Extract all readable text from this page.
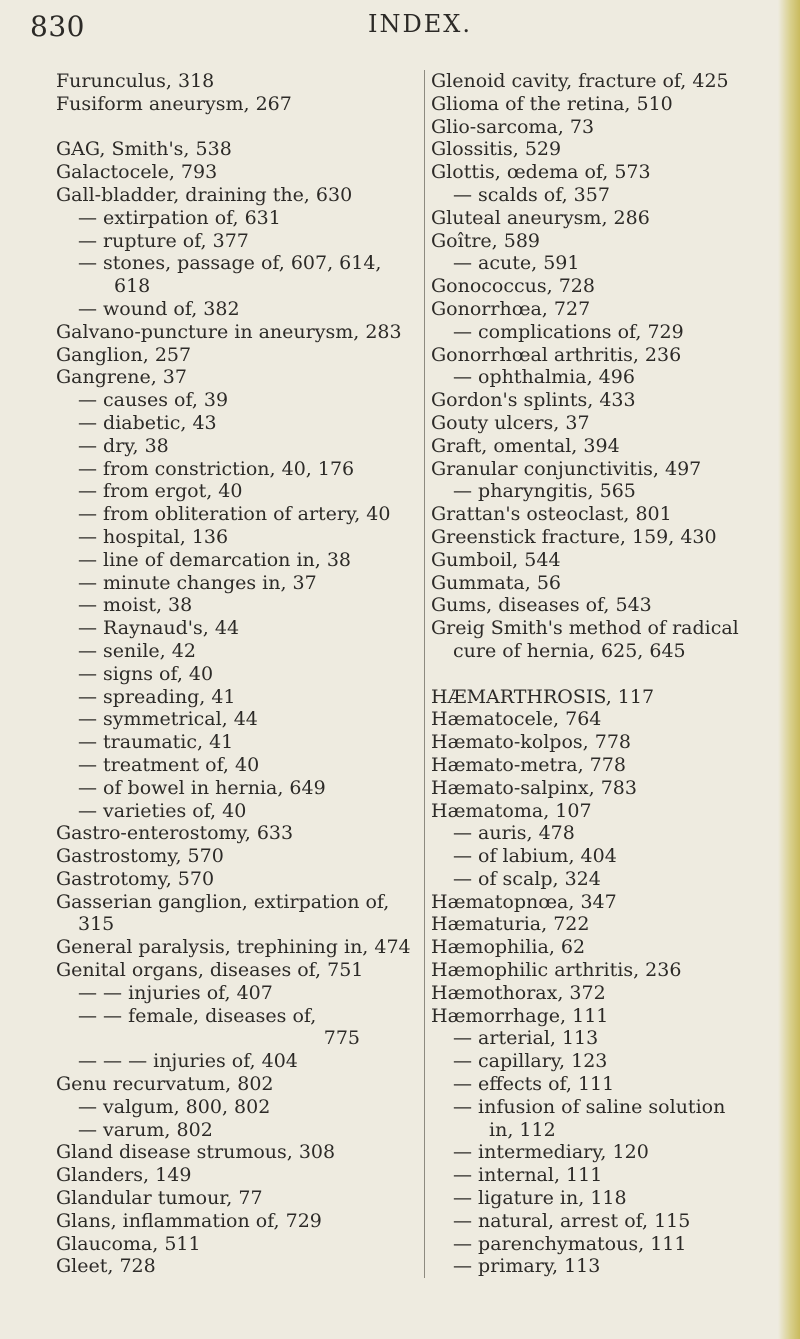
830	INDEX.
Furunculus, 318
Fusiform aneurysm, 267
GAG, Smith's, 538
Galactocele, 793
Gall-bladder, draining the, 630
— extirpation of, 631
— rupture of, 377
— stones, passage of, 607, 614,
618
— wound of, 382
Galvano-puncture in aneurysm, 283
Ganglion, 257
Gangrene, 37
— causes of, 39
— diabetic, 43
— dry, 38
— from constriction, 40, 176
— from ergot, 40
— from obliteration of artery, 40
— hospital, 136
— line of demarcation in, 38
— minute changes in, 37
— moist, 38
— Raynaud's, 44
— senile, 42
— signs of, 40
— spreading, 41
— symmetrical, 44
— traumatic, 41
— treatment of, 40
— of bowel in hernia, 649
— varieties of, 40
Gastro-enterostomy, 633
Gastrostomy, 570
Gastrotomy, 570
Gasserian ganglion, extirpation of,
315
General paralysis, trephining in, 474
Genital organs, diseases of, 751
— — injuries of, 407
— — female, diseases of,
775
— — — injuries of, 404
Genu recurvatum, 802
— valgum, 800, 802
— varum, 802
Gland disease strumous, 308
Glanders, 149
Glandular tumour, 77
Glans, inflammation of, 729
Glaucoma, 511
Gleet, 728
Glenoid cavity, fracture of, 425
Glioma of the retina, 510
Glio-sarcoma, 73
Glossitis, 529
Glottis, œdema of, 573
— scalds of, 357
Gluteal aneurysm, 286
Goître, 589
— acute, 591
Gonococcus, 728
Gonorrhœa, 727
— complications of, 729
Gonorrhœal arthritis, 236
— ophthalmia, 496
Gordon's splints, 433
Gouty ulcers, 37
Graft, omental, 394
Granular conjunctivitis, 497
— pharyngitis, 565
Grattan's osteoclast, 801
Greenstick fracture, 159, 430
Gumboil, 544
Gummata, 56
Gums, diseases of, 543
Greig Smith's method of radical
cure of hernia, 625, 645
HÆMARTHROSIS, 117
Hæmatocele, 764
Hæmato-kolpos, 778
Hæmato-metra, 778
Hæmato-salpinx, 783
Hæmatoma, 107
— auris, 478
— of labium, 404
— of scalp, 324
Hæmatopnœa, 347
Hæmaturia, 722
Hæmophilia, 62
Hæmophilic arthritis, 236
Hæmothorax, 372
Hæmorrhage, 111
— arterial, 113
— capillary, 123
— effects of, 111
— infusion of saline solution
in, 112
— intermediary, 120
— internal, 111
— ligature in, 118
— natural, arrest of, 115
— parenchymatous, 111
— primary, 113
